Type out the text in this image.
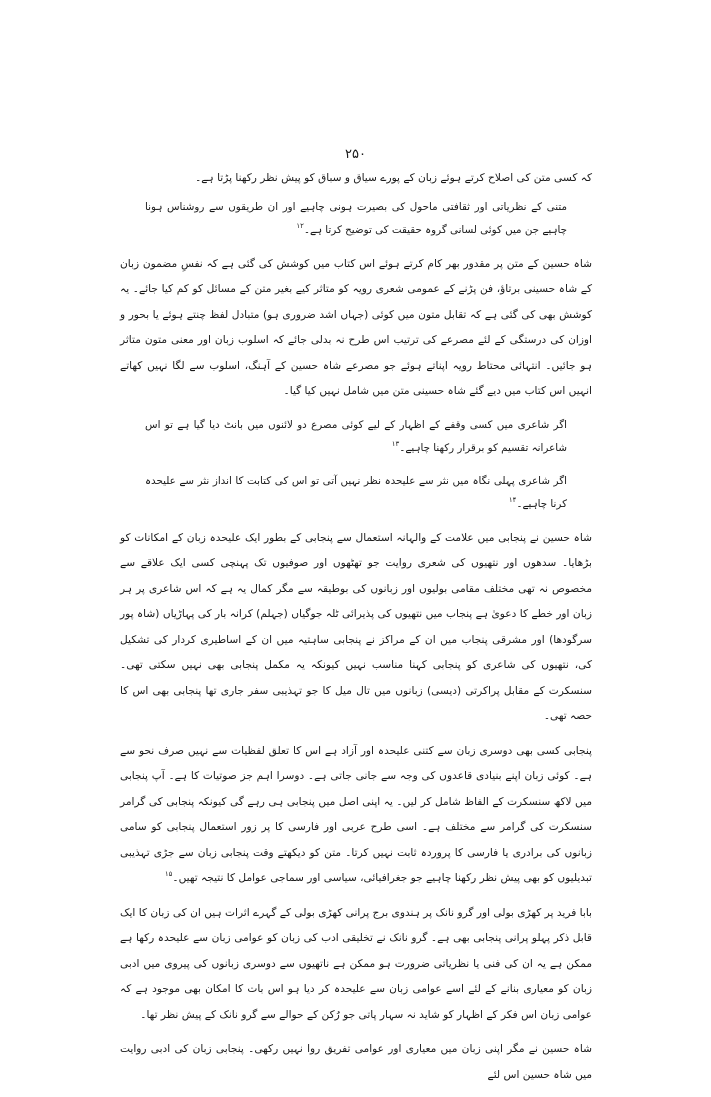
۲۵۰

کہ کسی متن کی اصلاح کرتے ہوئے زبان کے پورے سیاق و سباق کو پیش نظر رکھنا پڑتا ہے۔

متنی کے نظریاتی اور ثقافتی ماحول کی بصیرت ہونی چاہیے اور ان طریقوں سے روشناس ہونا چاہیے جن میں کوئی لسانی گروہ حقیقت کی توضیح کرتا ہے۔$^{۱۲}$

شاہ حسین کے متن پر مقدور بھر کام کرتے ہوئے اس کتاب میں کوشش کی گئی ہے کہ نفسِ مضمون زبان کے شاہ حسینی برتاؤ، فن پڑنے کے عمومی شعری رویہ کو متاثر کیے بغیر متن کے مسائل کو کم کیا جائے۔ یہ کوشش بھی کی گئی ہے کہ تقابل متون میں کوئی (جہاں اشد ضروری ہو) متبادل لفظ چنتے ہوئے یا بحور و اوزان کی درستگی کے لئے مصرعے کی ترتیب اس طرح نہ بدلی جائے کہ اسلوب زبان اور معنی متون متاثر ہو جائیں۔ انتہائی محتاط رویہ اپناتے ہوئے جو مصرعے شاہ حسین کے آہنگ، اسلوب سے لگا نہیں کھاتے انہیں اس کتاب میں دیے گئے شاہ حسینی متن میں شامل نہیں کیا گیا۔

اگر شاعری میں کسی وقفے کے اظہار کے لیے کوئی مصرع دو لائنوں میں بانٹ دیا گیا ہے تو اس شاعرانہ تقسیم کو برقرار رکھنا چاہیے۔$^{۱۳}$

اگر شاعری پہلی نگاہ میں نثر سے علیحدہ نظر نہیں آتی تو اس کی کتابت کا انداز نثر سے علیحدہ کرنا چاہیے۔$^{۱۴}$

شاہ حسین نے پنجابی میں علامت کے والہانہ استعمال سے پنجابی کے بطور ایک علیحدہ زبان کے امکانات کو بڑھایا۔ سدھوں اور نتھیوں کی شعری روایت جو تھٹھوں اور صوفیوں تک پہنچی کسی ایک علاقے سے مخصوص نہ تھی مختلف مقامی بولیوں اور زبانوں کی بوطیقہ سے مگر کمال یہ ہے کہ اس شاعری پر ہر زبان اور خطے کا دعویٰ ہے پنجاب میں نتھیوں کی پذیرائی ٹلہ جوگیاں (جہلم) کرانہ بار کی پہاڑیاں (شاہ پور سرگودھا) اور مشرقی پنجاب میں ان کے مراکز نے پنجابی ساہتیہ میں ان کے اساطیری کردار کی تشکیل کی، نتھیوں کی شاعری کو پنجابی کہنا مناسب نہیں کیونکہ یہ مکمل پنجابی بھی نہیں سکتی تھی۔ سنسکرت کے مقابل پراکرتی (دیسی) زبانوں میں تال میل کا جو تہذیبی سفر جاری تھا پنجابی بھی اس کا حصہ تھی۔

پنجابی کسی بھی دوسری زبان سے کتنی علیحدہ اور آزاد ہے اس کا تعلق لفظیات سے نہیں صرف نحو سے ہے۔ کوئی زبان اپنے بنیادی قاعدوں کی وجہ سے جانی جاتی ہے۔ دوسرا اہم جز صوتیات کا ہے۔ آپ پنجابی میں لاکھ سنسکرت کے الفاظ شامل کر لیں۔ یہ اپنی اصل میں پنجابی ہی رہے گی کیونکہ پنجابی کی گرامر سنسکرت کی گرامر سے مختلف ہے۔ اسی طرح عربی اور فارسی کا پر زور استعمال پنجابی کو سامی زبانوں کی برادری یا فارسی کا پروردہ ثابت نہیں کرتا۔ متن کو دیکھتے وقت پنجابی زبان سے جڑی تہذیبی تبدیلیوں کو بھی پیش نظر رکھنا چاہیے جو جغرافیائی، سیاسی اور سماجی عوامل کا نتیجہ تھیں۔$^{۱۵}$

بابا فرید پر کھڑی بولی اور گرو نانک پر ہندوی برج پرانی کھڑی بولی کے گہرے اثرات ہیں ان کی زبان کا ایک قابل ذکر پہلو پرانی پنجابی بھی ہے۔ گرو نانک نے تخلیقی ادب کی زبان کو عوامی زبان سے علیحدہ رکھا ہے ممکن ہے یہ ان کی فنی یا نظریاتی ضرورت ہو ممکن ہے ناتھیوں سے دوسری زبانوں کی پیروی میں ادبی زبان کو معیاری بنانے کے لئے اسے عوامی زبان سے علیحدہ کر دیا ہو اس بات کا امکان بھی موجود ہے کہ عوامی زبان اس فکر کے اظہار کو شاید نہ سہار پاتی جو رُکن کے حوالے سے گرو نانک کے پیش نظر تھا۔

شاہ حسین نے مگر اپنی زبان میں معیاری اور عوامی تفریق روا نہیں رکھی۔ پنجابی زبان کی ادبی روایت میں شاہ حسین اس لئے
